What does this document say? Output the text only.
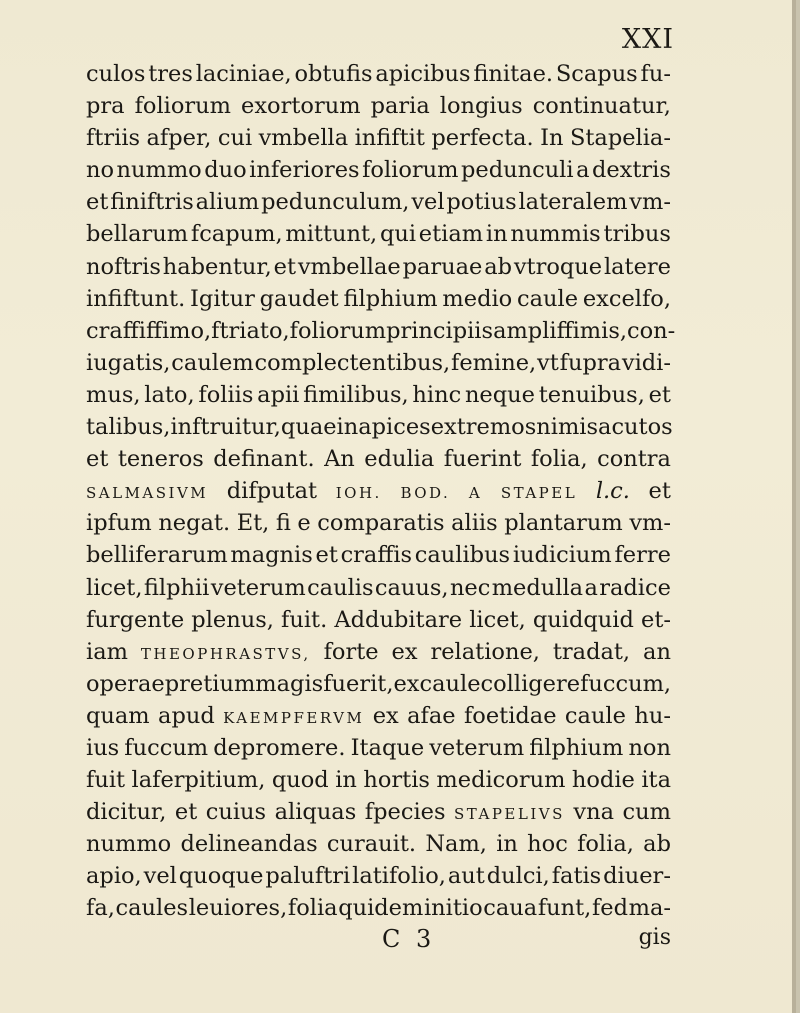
XXI
culos tres laciniae, obtufis apicibus finitae. Scapus fu-
pra foliorum exortorum paria longius continuatur,
ftriis afper, cui vmbella infiftit perfecta. In Stapelia-
no nummo duo inferiores foliorum pedunculi a dextris
et finiftris alium pedunculum, vel potius lateralem vm-
bellarum fcapum, mittunt, qui etiam in nummis tribus
noftris habentur, et vmbellae paruae ab vtroque latere
infiftunt. Igitur gaudet filphium medio caule excelfo,
craffiffimo, ftriato, foliorum principiis ampliffimis, con-
iugatis, caulem complectentibus, femine, vt fupra vidi-
mus, lato, foliis apii fimilibus, hinc neque tenuibus, et
talibus, inftruitur, quae in apices extremos nimis acutos
et teneros definant. An edulia fuerint folia, contra
SALMASIVM difputat IOH. BOD. A STAPEL l.c. et
ipfum negat. Et, fi e comparatis aliis plantarum vm-
belliferarum magnis et craffis caulibus iudicium ferre
licet, filphii veterum caulis cauus, nec medulla a radice
furgente plenus, fuit. Addubitare licet, quidquid et-
iam THEOPHRASTVS, forte ex relatione, tradat, an
operae pretium magis fuerit, ex caule colligere fuccum,
quam apud KAEMPFERVM ex afae foetidae caule hu-
ius fuccum depromere. Itaque veterum filphium non
fuit laferpitium, quod in hortis medicorum hodie ita
dicitur, et cuius aliquas fpecies STAPELIVS vna cum
nummo delineandas curauit. Nam, in hoc folia, ab
apio, vel quoque paluftri latifolio, aut dulci, fatis diuer-
fa, caules leuiores, folia quidem initio caua funt, fed ma-
C 3	gis
